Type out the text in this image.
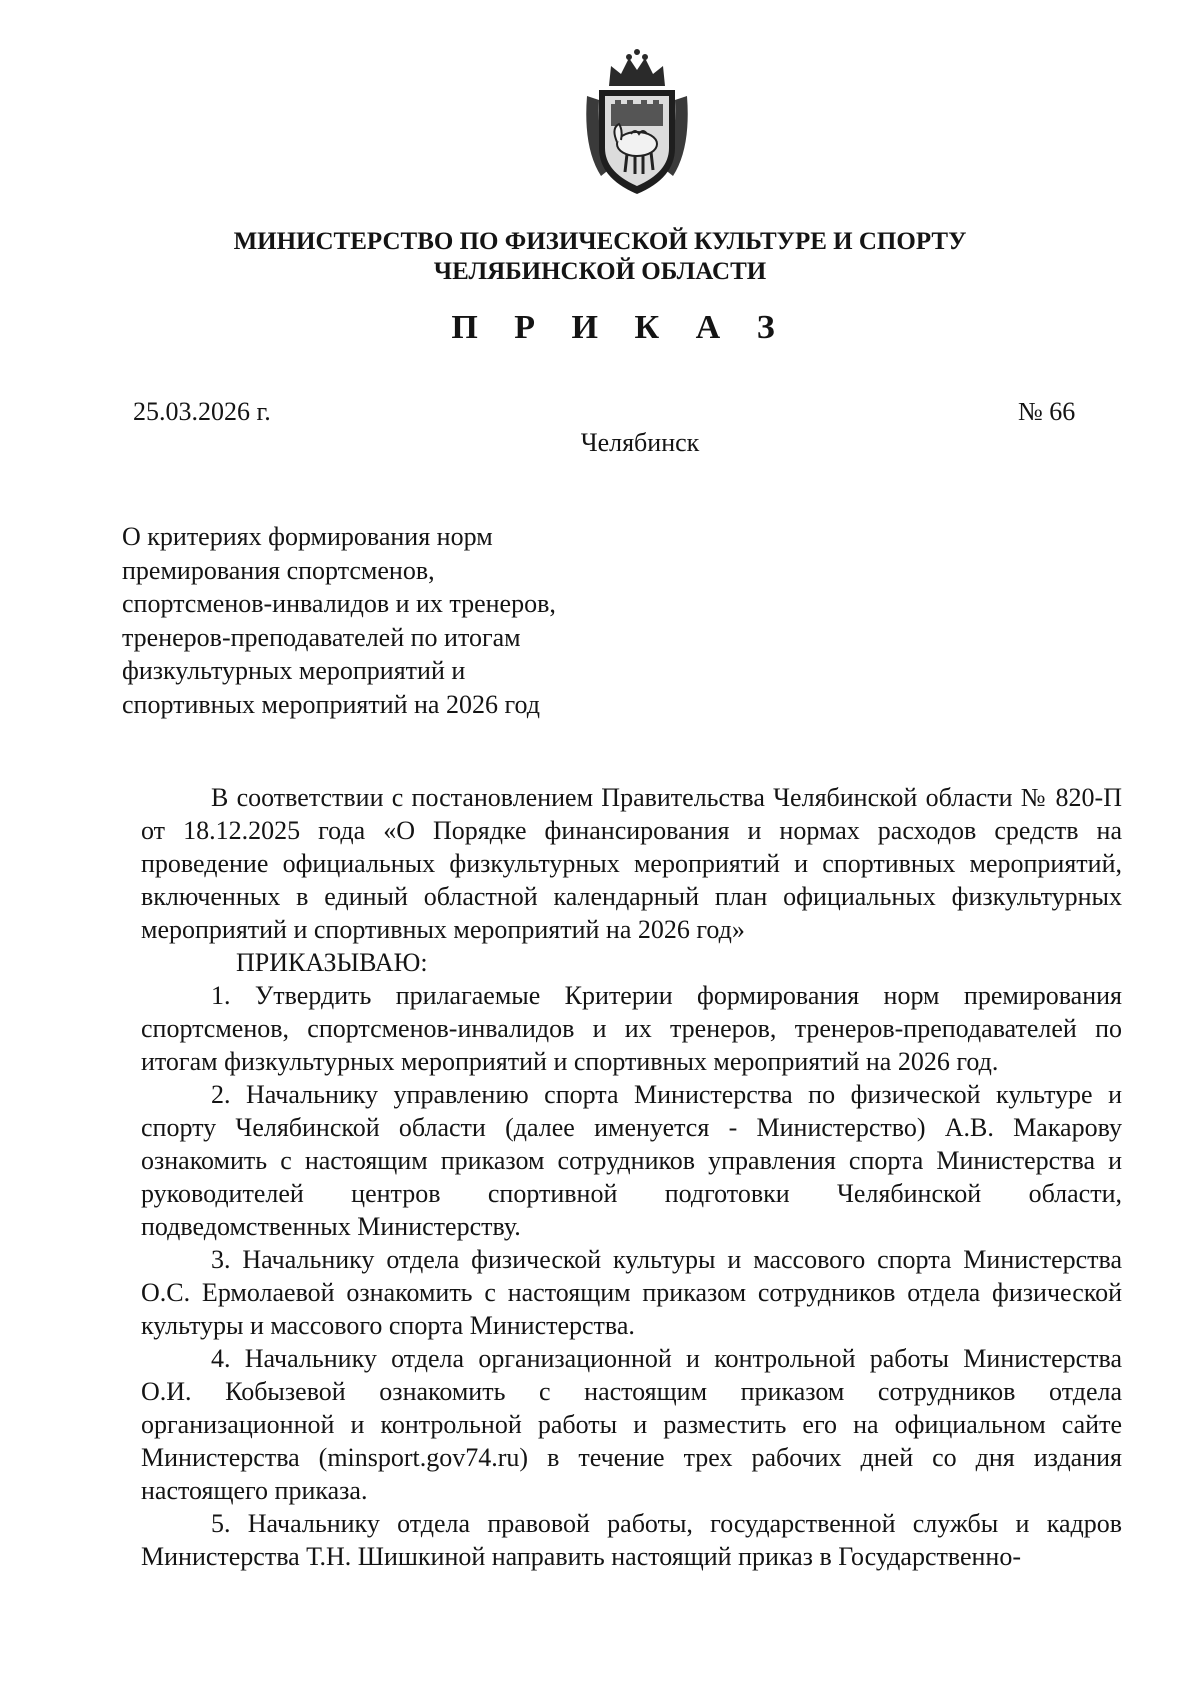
МИНИСТЕРСТВО ПО ФИЗИЧЕСКОЙ КУЛЬТУРЕ И СПОРТУ
ЧЕЛЯБИНСКОЙ ОБЛАСТИ
П Р И К А З
25.03.2026 г.	№ 66
Челябинск
О критериях формирования норм
премирования спортсменов,
спортсменов-инвалидов и их тренеров,
тренеров-преподавателей по итогам
физкультурных мероприятий и
спортивных мероприятий на 2026 год

В соответствии с постановлением Правительства Челябинской области № 820-П от 18.12.2025 года «О Порядке финансирования и нормах расходов средств на проведение официальных физкультурных мероприятий и спортивных мероприятий, включенных в единый областной календарный план официальных физкультурных мероприятий и спортивных мероприятий на 2026 год»

ПРИКАЗЫВАЮ:

1. Утвердить прилагаемые Критерии формирования норм премирования спортсменов, спортсменов-инвалидов и их тренеров, тренеров-преподавателей по итогам физкультурных мероприятий и спортивных мероприятий на 2026 год.

2. Начальнику управлению спорта Министерства по физической культуре и спорту Челябинской области (далее именуется - Министерство) А.В. Макарову ознакомить с настоящим приказом сотрудников управления спорта Министерства и руководителей центров спортивной подготовки Челябинской области, подведомственных Министерству.

3. Начальнику отдела физической культуры и массового спорта Министерства О.С. Ермолаевой ознакомить с настоящим приказом сотрудников отдела физической культуры и массового спорта Министерства.

4. Начальнику отдела организационной и контрольной работы Министерства О.И. Кобызевой ознакомить с настоящим приказом сотрудников отдела организационной и контрольной работы и разместить его на официальном сайте Министерства (minsport.gov74.ru) в течение трех рабочих дней со дня издания настоящего приказа.

5. Начальнику отдела правовой работы, государственной службы и кадров Министерства Т.Н. Шишкиной направить настоящий приказ в Государственно-
